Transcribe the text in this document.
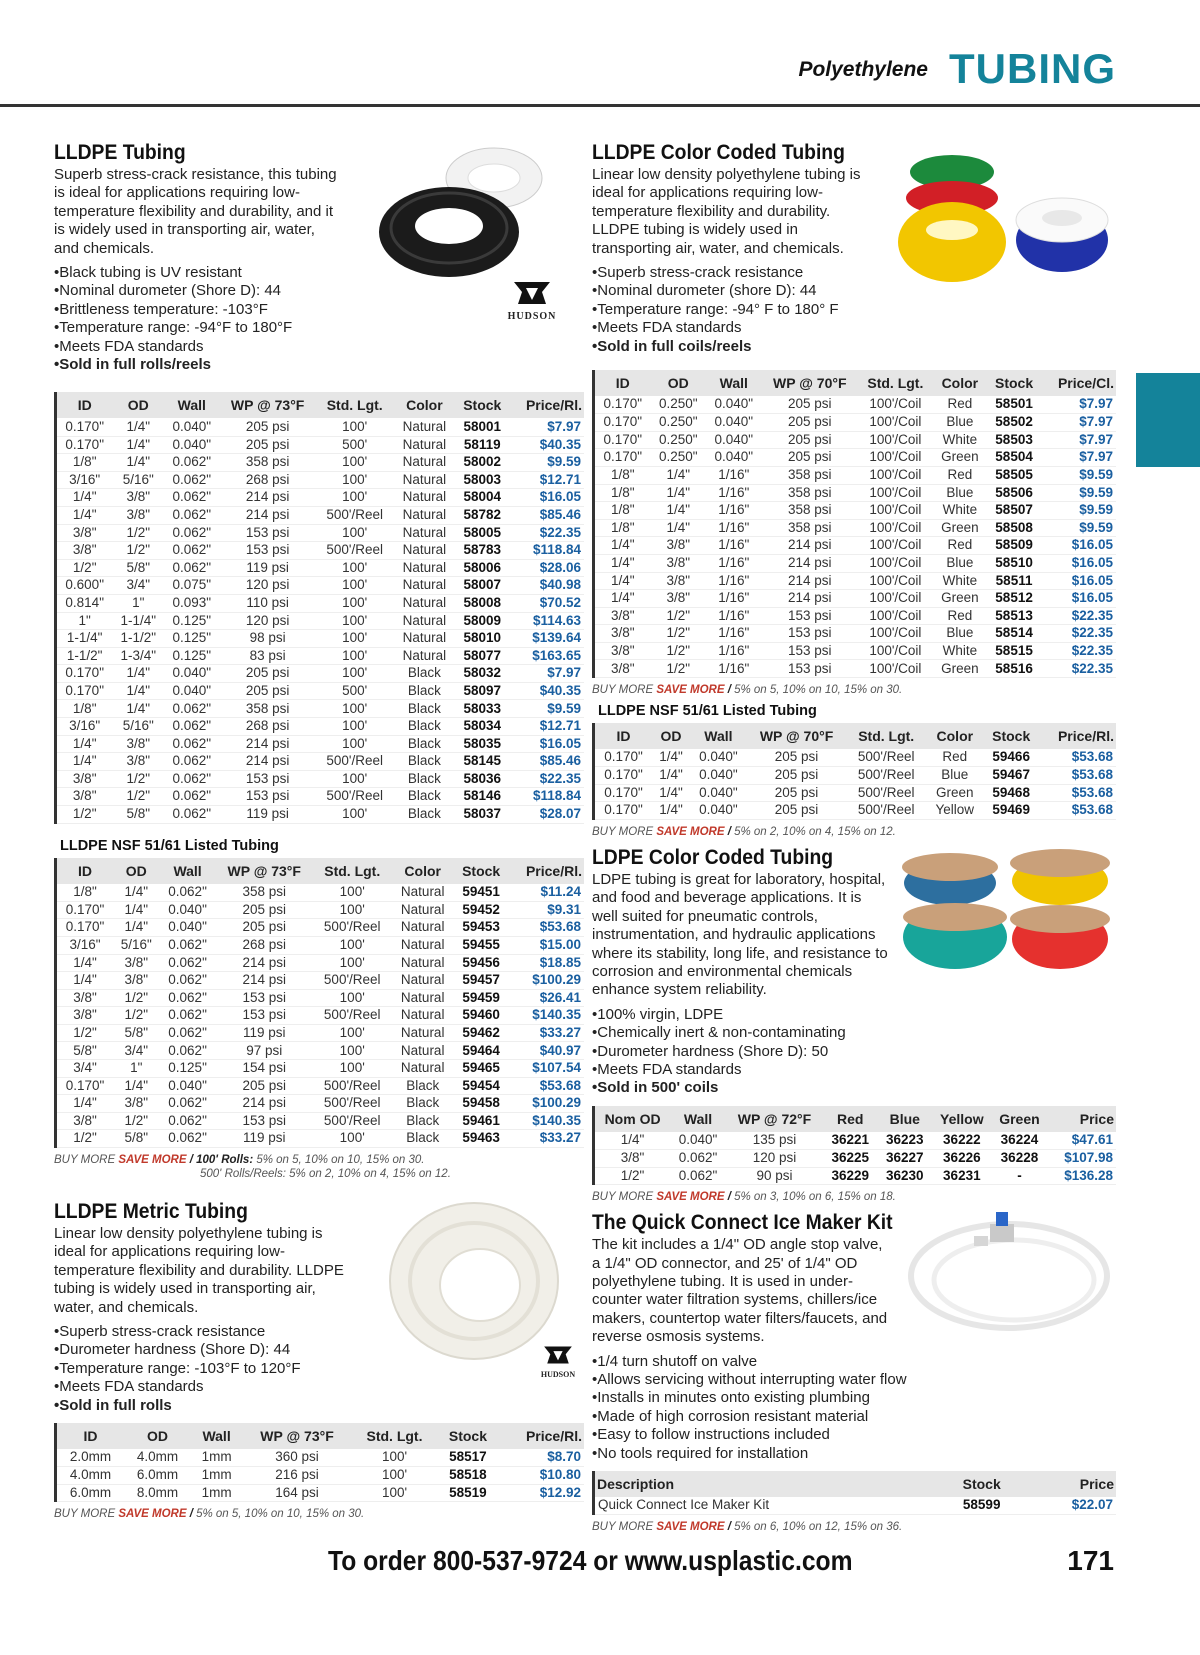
Polyethylene TUBING
LLDPE Tubing
Superb stress-crack resistance, this tubing is ideal for applications requiring low-temperature flexibility and durability, and it is widely used in transporting air, water, and chemicals.
• Black tubing is UV resistant
• Nominal durometer (Shore D): 44
• Brittleness temperature: -103°F
• Temperature range: -94°F to 180°F
• Meets FDA standards
• Sold in full rolls/reels
HUDSON
ID	OD	Wall	WP @ 73°F	Std. Lgt.	Color	Stock	Price/Rl.
0.170"	1/4"	0.040"	205 psi	100'	Natural	58001	$7.97
0.170"	1/4"	0.040"	205 psi	500'	Natural	58119	$40.35
1/8"	1/4"	0.062"	358 psi	100'	Natural	58002	$9.59
3/16"	5/16"	0.062"	268 psi	100'	Natural	58003	$12.71
1/4"	3/8"	0.062"	214 psi	100'	Natural	58004	$16.05
1/4"	3/8"	0.062"	214 psi	500'/Reel	Natural	58782	$85.46
3/8"	1/2"	0.062"	153 psi	100'	Natural	58005	$22.35
3/8"	1/2"	0.062"	153 psi	500'/Reel	Natural	58783	$118.84
1/2"	5/8"	0.062"	119 psi	100'	Natural	58006	$28.06
0.600"	3/4"	0.075"	120 psi	100'	Natural	58007	$40.98
0.814"	1"	0.093"	110 psi	100'	Natural	58008	$70.52
1"	1-1/4"	0.125"	120 psi	100'	Natural	58009	$114.63
1-1/4"	1-1/2"	0.125"	98 psi	100'	Natural	58010	$139.64
1-1/2"	1-3/4"	0.125"	83 psi	100'	Natural	58077	$163.65
0.170"	1/4"	0.040"	205 psi	100'	Black	58032	$7.97
0.170"	1/4"	0.040"	205 psi	500'	Black	58097	$40.35
1/8"	1/4"	0.062"	358 psi	100'	Black	58033	$9.59
3/16"	5/16"	0.062"	268 psi	100'	Black	58034	$12.71
1/4"	3/8"	0.062"	214 psi	100'	Black	58035	$16.05
1/4"	3/8"	0.062"	214 psi	500'/Reel	Black	58145	$85.46
3/8"	1/2"	0.062"	153 psi	100'	Black	58036	$22.35
3/8"	1/2"	0.062"	153 psi	500'/Reel	Black	58146	$118.84
1/2"	5/8"	0.062"	119 psi	100'	Black	58037	$28.07
LLDPE NSF 51/61 Listed Tubing
ID	OD	Wall	WP @ 73°F	Std. Lgt.	Color	Stock	Price/Rl.
1/8"	1/4"	0.062"	358 psi	100'	Natural	59451	$11.24
0.170"	1/4"	0.040"	205 psi	100'	Natural	59452	$9.31
0.170"	1/4"	0.040"	205 psi	500'/Reel	Natural	59453	$53.68
3/16"	5/16"	0.062"	268 psi	100'	Natural	59455	$15.00
1/4"	3/8"	0.062"	214 psi	100'	Natural	59456	$18.85
1/4"	3/8"	0.062"	214 psi	500'/Reel	Natural	59457	$100.29
3/8"	1/2"	0.062"	153 psi	100'	Natural	59459	$26.41
3/8"	1/2"	0.062"	153 psi	500'/Reel	Natural	59460	$140.35
1/2"	5/8"	0.062"	119 psi	100'	Natural	59462	$33.27
5/8"	3/4"	0.062"	97 psi	100'	Natural	59464	$40.97
3/4"	1"	0.125"	154 psi	100'	Natural	59465	$107.54
0.170"	1/4"	0.040"	205 psi	500'/Reel	Black	59454	$53.68
1/4"	3/8"	0.062"	214 psi	500'/Reel	Black	59458	$100.29
3/8"	1/2"	0.062"	153 psi	500'/Reel	Black	59461	$140.35
1/2"	5/8"	0.062"	119 psi	100'	Black	59463	$33.27
BUY MORE SAVE MORE / 100' Rolls: 5% on 5, 10% on 10, 15% on 30.
500' Rolls/Reels: 5% on 2, 10% on 4, 15% on 12.
LLDPE Metric Tubing
Linear low density polyethylene tubing is ideal for applications requiring low-temperature flexibility and durability. LLDPE tubing is widely used in transporting air, water, and chemicals.
• Superb stress-crack resistance
• Durometer hardness (Shore D): 44
• Temperature range: -103°F to 120°F
• Meets FDA standards
• Sold in full rolls
HUDSON
ID	OD	Wall	WP @ 73°F	Std. Lgt.	Stock	Price/Rl.
2.0mm	4.0mm	1mm	360 psi	100'	58517	$8.70
4.0mm	6.0mm	1mm	216 psi	100'	58518	$10.80
6.0mm	8.0mm	1mm	164 psi	100'	58519	$12.92
BUY MORE SAVE MORE / 5% on 5, 10% on 10, 15% on 30.
LLDPE Color Coded Tubing
Linear low density polyethylene tubing is ideal for applications requiring low-temperature flexibility and durability. LLDPE tubing is widely used in transporting air, water, and chemicals.
• Superb stress-crack resistance
• Nominal durometer (shore D): 44
• Temperature range: -94° F to 180° F
• Meets FDA standards
• Sold in full coils/reels
ID	OD	Wall	WP @ 70°F	Std. Lgt.	Color	Stock	Price/Cl.
0.170"	0.250"	0.040"	205 psi	100'/Coil	Red	58501	$7.97
0.170"	0.250"	0.040"	205 psi	100'/Coil	Blue	58502	$7.97
0.170"	0.250"	0.040"	205 psi	100'/Coil	White	58503	$7.97
0.170"	0.250"	0.040"	205 psi	100'/Coil	Green	58504	$7.97
1/8"	1/4"	1/16"	358 psi	100'/Coil	Red	58505	$9.59
1/8"	1/4"	1/16"	358 psi	100'/Coil	Blue	58506	$9.59
1/8"	1/4"	1/16"	358 psi	100'/Coil	White	58507	$9.59
1/8"	1/4"	1/16"	358 psi	100'/Coil	Green	58508	$9.59
1/4"	3/8"	1/16"	214 psi	100'/Coil	Red	58509	$16.05
1/4"	3/8"	1/16"	214 psi	100'/Coil	Blue	58510	$16.05
1/4"	3/8"	1/16"	214 psi	100'/Coil	White	58511	$16.05
1/4"	3/8"	1/16"	214 psi	100'/Coil	Green	58512	$16.05
3/8"	1/2"	1/16"	153 psi	100'/Coil	Red	58513	$22.35
3/8"	1/2"	1/16"	153 psi	100'/Coil	Blue	58514	$22.35
3/8"	1/2"	1/16"	153 psi	100'/Coil	White	58515	$22.35
3/8"	1/2"	1/16"	153 psi	100'/Coil	Green	58516	$22.35
BUY MORE SAVE MORE / 5% on 5, 10% on 10, 15% on 30.
LLDPE NSF 51/61 Listed Tubing
ID	OD	Wall	WP @ 70°F	Std. Lgt.	Color	Stock	Price/Rl.
0.170"	1/4"	0.040"	205 psi	500'/Reel	Red	59466	$53.68
0.170"	1/4"	0.040"	205 psi	500'/Reel	Blue	59467	$53.68
0.170"	1/4"	0.040"	205 psi	500'/Reel	Green	59468	$53.68
0.170"	1/4"	0.040"	205 psi	500'/Reel	Yellow	59469	$53.68
BUY MORE SAVE MORE / 5% on 2, 10% on 4, 15% on 12.
LDPE Color Coded Tubing
LDPE tubing is great for laboratory, hospital, and food and beverage applications. It is well suited for pneumatic controls, instrumentation, and hydraulic applications where its stability, long life, and resistance to corrosion and environmental chemicals enhance system reliability.
• 100% virgin, LDPE
• Chemically inert & non-contaminating
• Durometer hardness (Shore D): 50
• Meets FDA standards
• Sold in 500' coils
Nom OD	Wall	WP @ 72°F	Red	Blue	Yellow	Green	Price
1/4"	0.040"	135 psi	36221	36223	36222	36224	$47.61
3/8"	0.062"	120 psi	36225	36227	36226	36228	$107.98
1/2"	0.062"	90 psi	36229	36230	36231	-	$136.28
BUY MORE SAVE MORE / 5% on 3, 10% on 6, 15% on 18.
The Quick Connect Ice Maker Kit
The kit includes a 1/4" OD angle stop valve, a 1/4" OD connector, and 25' of 1/4" OD polyethylene tubing. It is used in under-counter water filtration systems, chillers/ice makers, countertop water filters/faucets, and reverse osmosis systems.
• 1/4 turn shutoff on valve
• Allows servicing without interrupting water flow
• Installs in minutes onto existing plumbing
• Made of high corrosion resistant material
• Easy to follow instructions included
• No tools required for installation
Description	Stock	Price
Quick Connect Ice Maker Kit	58599	$22.07
BUY MORE SAVE MORE / 5% on 6, 10% on 12, 15% on 36.
To order 800-537-9724 or www.usplastic.com	171
